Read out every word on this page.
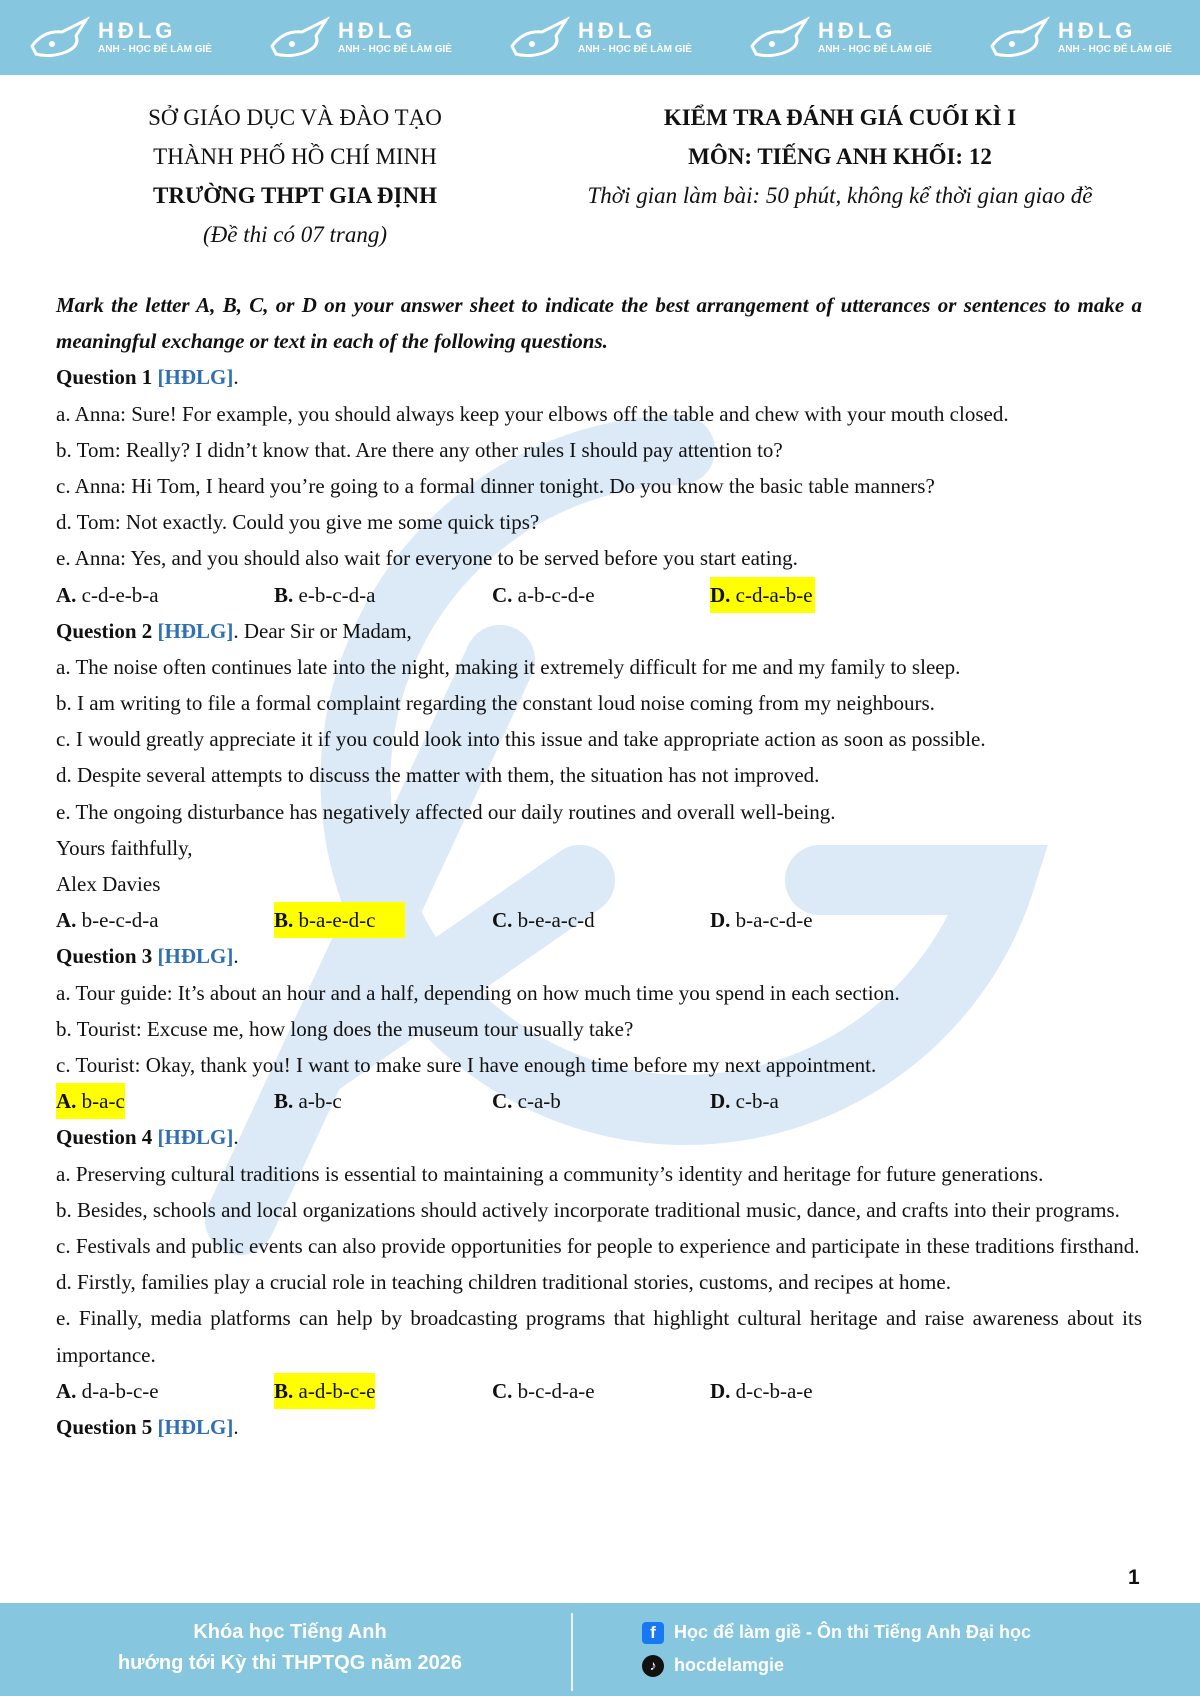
HĐLG
ANH - HỌC ĐỂ LÀM GIÈ
HĐLG
ANH - HỌC ĐỂ LÀM GIÈ
HĐLG
ANH - HỌC ĐỂ LÀM GIÈ
HĐLG
ANH - HỌC ĐỂ LÀM GIÈ
HĐLG
ANH - HỌC ĐỂ LÀM GIÈ
SỞ GIÁO DỤC VÀ ĐÀO TẠO
THÀNH PHỐ HỒ CHÍ MINH
TRƯỜNG THPT GIA ĐỊNH
(Đề thi có 07 trang)
KIỂM TRA ĐÁNH GIÁ CUỐI KÌ I
MÔN: TIẾNG ANH KHỐI: 12
Thời gian làm bài: 50 phút, không kể thời gian giao đề
Mark the letter A, B, C, or D on your answer sheet to indicate the best arrangement of utterances or sentences to make a meaningful exchange or text in each of the following questions.
Question 1 [HĐLG].
a. Anna: Sure! For example, you should always keep your elbows off the table and chew with your mouth closed.
b. Tom: Really? I didn’t know that. Are there any other rules I should pay attention to?
c. Anna: Hi Tom, I heard you’re going to a formal dinner tonight. Do you know the basic table manners?
d. Tom: Not exactly. Could you give me some quick tips?
e. Anna: Yes, and you should also wait for everyone to be served before you start eating.
A. c-d-e-b-a	B. e-b-c-d-a	C. a-b-c-d-e	D. c-d-a-b-e
Question 2 [HĐLG]. Dear Sir or Madam,
a. The noise often continues late into the night, making it extremely difficult for me and my family to sleep.
b. I am writing to file a formal complaint regarding the constant loud noise coming from my neighbours.
c. I would greatly appreciate it if you could look into this issue and take appropriate action as soon as possible.
d. Despite several attempts to discuss the matter with them, the situation has not improved.
e. The ongoing disturbance has negatively affected our daily routines and overall well-being.
Yours faithfully,
Alex Davies
A. b-e-c-d-a	B. b-a-e-d-c	C. b-e-a-c-d	D. b-a-c-d-e
Question 3 [HĐLG].
a. Tour guide: It’s about an hour and a half, depending on how much time you spend in each section.
b. Tourist: Excuse me, how long does the museum tour usually take?
c. Tourist: Okay, thank you! I want to make sure I have enough time before my next appointment.
A. b-a-c	B. a-b-c	C. c-a-b	D. c-b-a
Question 4 [HĐLG].
a. Preserving cultural traditions is essential to maintaining a community’s identity and heritage for future generations.
b. Besides, schools and local organizations should actively incorporate traditional music, dance, and crafts into their programs.
c. Festivals and public events can also provide opportunities for people to experience and participate in these traditions firsthand.
d. Firstly, families play a crucial role in teaching children traditional stories, customs, and recipes at home.
e. Finally, media platforms can help by broadcasting programs that highlight cultural heritage and raise awareness about its importance.
A. d-a-b-c-e	B. a-d-b-c-e	C. b-c-d-a-e	D. d-c-b-a-e
Question 5 [HĐLG].
1
Khóa học Tiếng Anh
hướng tới Kỳ thi THPTQG năm 2026
f	Học để làm giề - Ôn thi Tiếng Anh Đại học
♪ hocdelamgie
